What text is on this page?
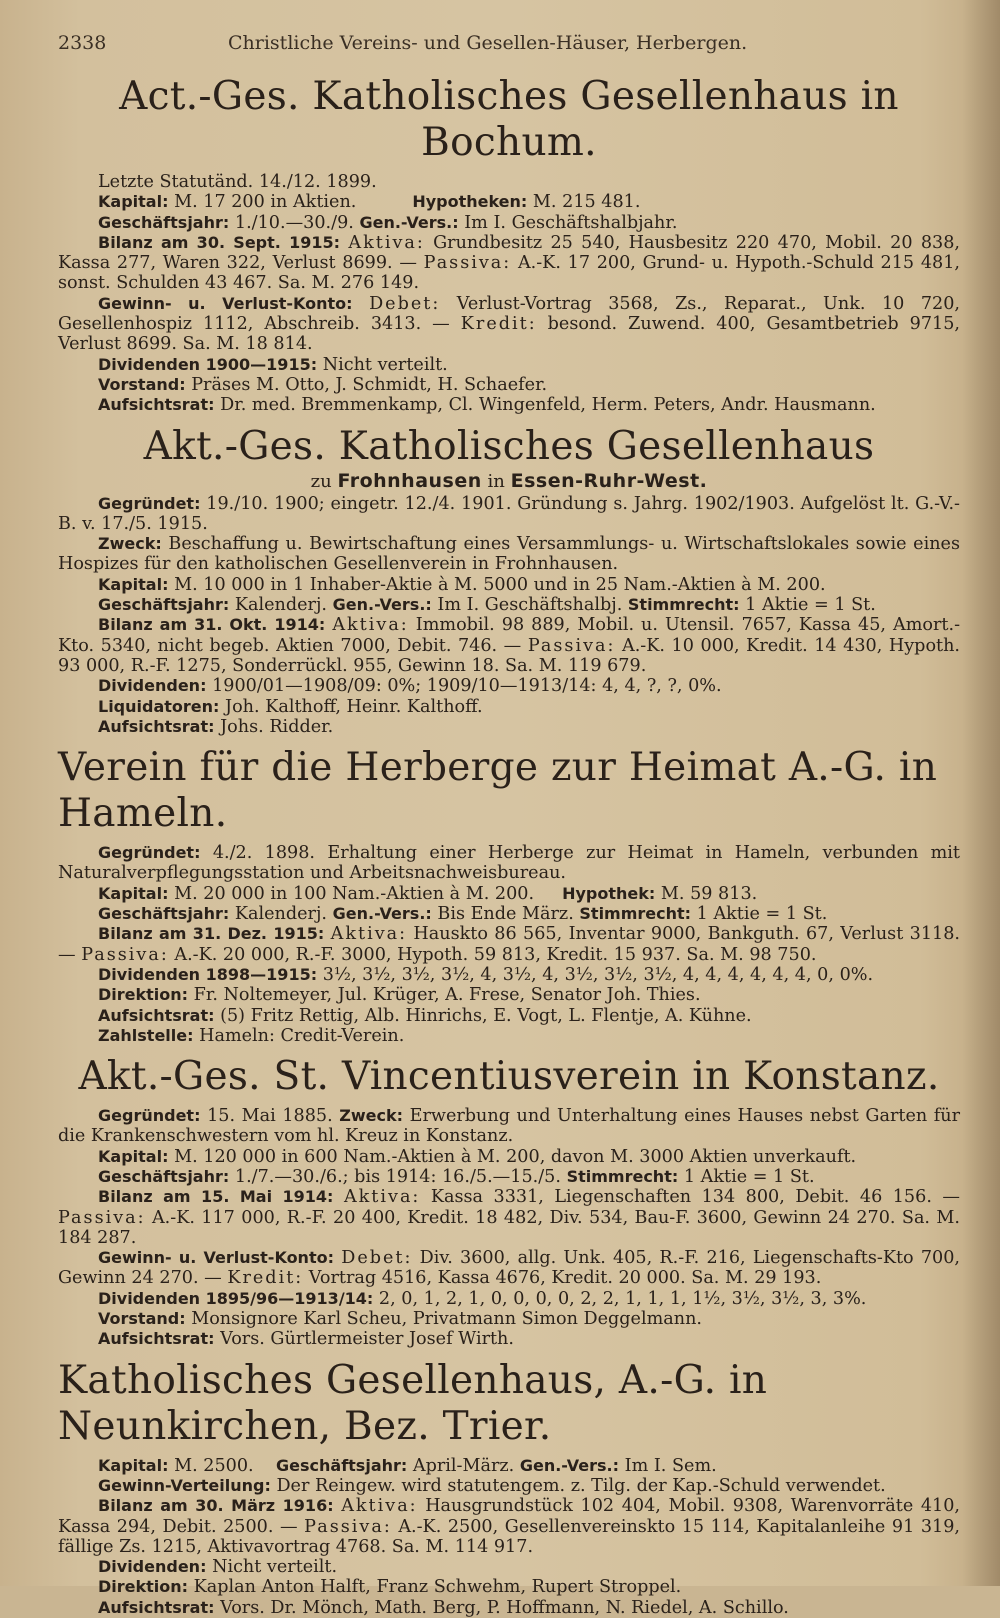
2338	Christliche Vereins- und Gesellen-Häuser, Herbergen.
Act.-Ges. Katholisches Gesellenhaus in Bochum.

Letzte Statutänd. 14./12. 1899.

Kapital: M. 17 200 in Aktien.	Hypotheken: M. 215 481.

Geschäftsjahr: 1./10.—30./9. Gen.-Vers.: Im I. Geschäftshalbjahr.

Bilanz am 30. Sept. 1915: Aktiva: Grundbesitz 25 540, Hausbesitz 220 470, Mobil. 20 838, Kassa 277, Waren 322, Verlust 8699. — Passiva: A.-K. 17 200, Grund- u. Hypoth.-Schuld 215 481, sonst. Schulden 43 467. Sa. M. 276 149.

Gewinn- u. Verlust-Konto: Debet: Verlust-Vortrag 3568, Zs., Reparat., Unk. 10 720, Gesellenhospiz 1112, Abschreib. 3413. — Kredit: besond. Zuwend. 400, Gesamtbetrieb 9715, Verlust 8699. Sa. M. 18 814.

Dividenden 1900—1915: Nicht verteilt.

Vorstand: Präses M. Otto, J. Schmidt, H. Schaefer.

Aufsichtsrat: Dr. med. Bremmenkamp, Cl. Wingenfeld, Herm. Peters, Andr. Hausmann.

Akt.-Ges. Katholisches Gesellenhaus
zu Frohnhausen in Essen-Ruhr-West.

Gegründet: 19./10. 1900; eingetr. 12./4. 1901. Gründung s. Jahrg. 1902/1903. Aufgelöst lt. G.-V.-B. v. 17./5. 1915.

Zweck: Beschaffung u. Bewirtschaftung eines Versammlungs- u. Wirtschaftslokales sowie eines Hospizes für den katholischen Gesellenverein in Frohnhausen.

Kapital: M. 10 000 in 1 Inhaber-Aktie à M. 5000 und in 25 Nam.-Aktien à M. 200.

Geschäftsjahr: Kalenderj. Gen.-Vers.: Im I. Geschäftshalbj. Stimmrecht: 1 Aktie = 1 St.

Bilanz am 31. Okt. 1914: Aktiva: Immobil. 98 889, Mobil. u. Utensil. 7657, Kassa 45, Amort.-Kto. 5340, nicht begeb. Aktien 7000, Debit. 746. — Passiva: A.-K. 10 000, Kredit. 14 430, Hypoth. 93 000, R.-F. 1275, Sonderrückl. 955, Gewinn 18. Sa. M. 119 679.

Dividenden: 1900/01—1908/09: 0%; 1909/10—1913/14: 4, 4, ?, ?, 0%.

Liquidatoren: Joh. Kalthoff, Heinr. Kalthoff.

Aufsichtsrat: Johs. Ridder.

Verein für die Herberge zur Heimat A.-G. in Hameln.

Gegründet: 4./2. 1898. Erhaltung einer Herberge zur Heimat in Hameln, verbunden mit Naturalverpflegungsstation und Arbeitsnachweisbureau.

Kapital: M. 20 000 in 100 Nam.-Aktien à M. 200. Hypothek: M. 59 813.

Geschäftsjahr: Kalenderj. Gen.-Vers.: Bis Ende März. Stimmrecht: 1 Aktie = 1 St.

Bilanz am 31. Dez. 1915: Aktiva: Hauskto 86 565, Inventar 9000, Bankguth. 67, Verlust 3118. — Passiva: A.-K. 20 000, R.-F. 3000, Hypoth. 59 813, Kredit. 15 937. Sa. M. 98 750.

Dividenden 1898—1915: 3½, 3½, 3½, 3½, 4, 3½, 4, 3½, 3½, 3½, 4, 4, 4, 4, 4, 4, 0, 0%.

Direktion: Fr. Noltemeyer, Jul. Krüger, A. Frese, Senator Joh. Thies.

Aufsichtsrat: (5) Fritz Rettig, Alb. Hinrichs, E. Vogt, L. Flentje, A. Kühne.

Zahlstelle: Hameln: Credit-Verein.

Akt.-Ges. St. Vincentiusverein in Konstanz.

Gegründet: 15. Mai 1885. Zweck: Erwerbung und Unterhaltung eines Hauses nebst Garten für die Krankenschwestern vom hl. Kreuz in Konstanz.

Kapital: M. 120 000 in 600 Nam.-Aktien à M. 200, davon M. 3000 Aktien unverkauft.

Geschäftsjahr: 1./7.—30./6.; bis 1914: 16./5.—15./5. Stimmrecht: 1 Aktie = 1 St.

Bilanz am 15. Mai 1914: Aktiva: Kassa 3331, Liegenschaften 134 800, Debit. 46 156. — Passiva: A.-K. 117 000, R.-F. 20 400, Kredit. 18 482, Div. 534, Bau-F. 3600, Gewinn 24 270. Sa. M. 184 287.

Gewinn- u. Verlust-Konto: Debet: Div. 3600, allg. Unk. 405, R.-F. 216, Liegenschafts-Kto 700, Gewinn 24 270. — Kredit: Vortrag 4516, Kassa 4676, Kredit. 20 000. Sa. M. 29 193.

Dividenden 1895/96—1913/14: 2, 0, 1, 2, 1, 0, 0, 0, 0, 2, 2, 1, 1, 1, 1½, 3½, 3½, 3, 3%.

Vorstand: Monsignore Karl Scheu, Privatmann Simon Deggelmann.

Aufsichtsrat: Vors. Gürtlermeister Josef Wirth.

Katholisches Gesellenhaus, A.-G. in Neunkirchen, Bez. Trier.

Kapital: M. 2500. Geschäftsjahr: April-März. Gen.-Vers.: Im I. Sem.

Gewinn-Verteilung: Der Reingew. wird statutengem. z. Tilg. der Kap.-Schuld verwendet.

Bilanz am 30. März 1916: Aktiva: Hausgrundstück 102 404, Mobil. 9308, Warenvorräte 410, Kassa 294, Debit. 2500. — Passiva: A.-K. 2500, Gesellenvereinskto 15 114, Kapitalanleihe 91 319, fällige Zs. 1215, Aktivavortrag 4768. Sa. M. 114 917.

Dividenden: Nicht verteilt.

Direktion: Kaplan Anton Halft, Franz Schwehm, Rupert Stroppel.

Aufsichtsrat: Vors. Dr. Mönch, Math. Berg, P. Hoffmann, N. Riedel, A. Schillo.
